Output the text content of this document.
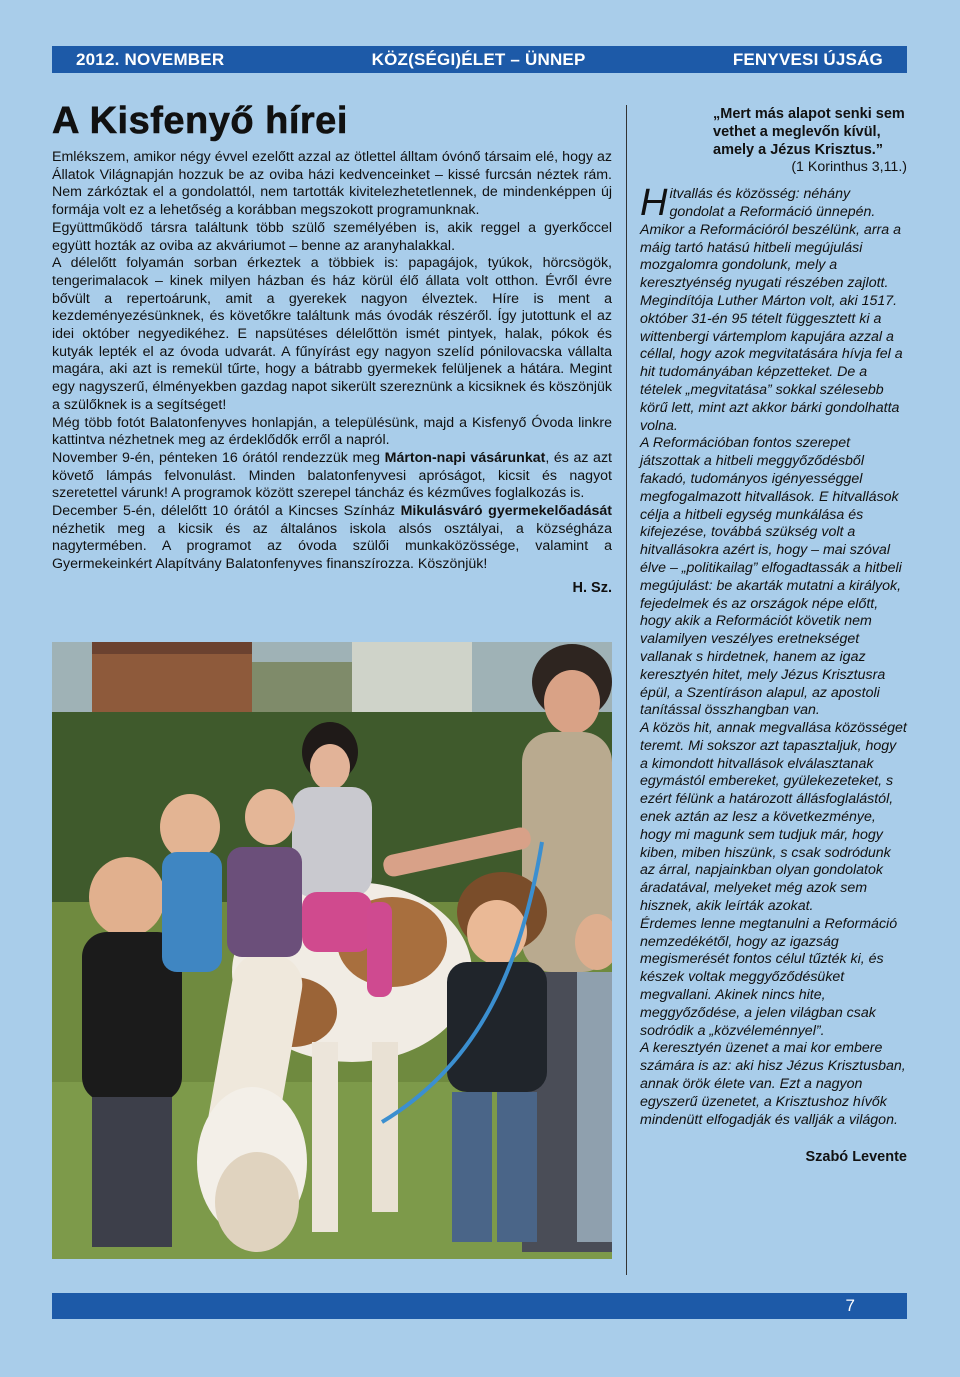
2012. NOVEMBER	KÖZ(SÉGI)ÉLET – ÜNNEP	FENYVESI ÚJSÁG
A Kisfenyő hírei

Emlékszem, amikor négy évvel ezelőtt azzal az ötlettel álltam óvónő társaim elé, hogy az Állatok Világnapján hozzuk be az oviba házi kedvenceinket – kissé furcsán néztek rám. Nem zárkóztak el a gondolattól, nem tartották kivitelezhetetlennek, de mindenképpen új formája volt ez a lehetőség a korábban megszokott programunknak.

Együttműködő társra találtunk több szülő személyében is, akik reggel a gyerkőccel együtt hozták az oviba az akváriumot – benne az aranyhalakkal.

A délelőtt folyamán sorban érkeztek a többiek is: papagájok, tyúkok, hörcsögök, tengerimalacok – kinek milyen házban és ház körül élő állata volt otthon. Évről évre bővült a repertoárunk, amit a gyerekek nagyon élveztek. Híre is ment a kezdeményezésünknek, és követőkre találtunk más óvodák részéről. Így jutottunk el az idei október negyedikéhez. E napsütéses délelőttön ismét pintyek, halak, pókok és kutyák lepték el az óvoda udvarát. A fűnyírást egy nagyon szelíd pónilovacska vállalta magára, aki azt is remekül tűrte, hogy a bátrabb gyermekek felüljenek a hátára. Megint egy nagyszerű, élményekben gazdag napot sikerült szereznünk a kicsiknek és köszönjük a szülőknek is a segítséget!

Még több fotót Balatonfenyves honlapján, a településünk, majd a Kisfenyő Óvoda linkre kattintva nézhetnek meg az érdeklődők erről a napról.

November 9-én, pénteken 16 órától rendezzük meg Márton-napi vásárunkat, és az azt követő lámpás felvonulást. Minden balatonfenyvesi apróságot, kicsit és nagyot szeretettel várunk! A programok között szerepel táncház és kézműves foglalkozás is.

December 5-én, délelőtt 10 órától a Kincses Színház Mikulásváró gyermekelőadását nézhetik meg a kicsik és az általános iskola alsós osztályai, a községháza nagytermében. A programot az óvoda szülői munkaközössége, valamint a Gyermekeinkért Alapítvány Balatonfenyves finanszírozza. Köszönjük!

H. Sz.
„Mert más alapot senki sem vethet a meglevőn kívül, amely a Jézus Krisztus.”
(1 Korinthus 3,11.)

Hitvallás és közösség: néhány gondolat a Reformáció ünnepén. Amikor a Reformációról beszélünk, arra a máig tartó hatású hitbeli megújulási mozgalomra gondolunk, mely a keresztyénség nyugati részében zajlott. Megindítója Luther Márton volt, aki 1517. október 31-én 95 tételt függesztett ki a wittenbergi vártemplom kapujára azzal a céllal, hogy azok megvitatására hívja fel a hit tudományában képzetteket. De a tételek „megvitatása” sokkal szélesebb körű lett, mint azt akkor bárki gondolhatta volna.

A Reformációban fontos szerepet játszottak a hitbeli meggyőződésből fakadó, tudományos igényességgel megfogalmazott hitvallások. E hitvallások célja a hitbeli egység munkálása és kifejezése, továbbá szükség volt a hitvallásokra azért is, hogy – mai szóval élve – „politikailag” elfogadtassák a hitbeli megújulást: be akarták mutatni a királyok, fejedelmek és az országok népe előtt, hogy akik a Reformációt követik nem valamilyen veszélyes eretnekséget vallanak s hirdetnek, hanem az igaz keresztyén hitet, mely Jézus Krisztusra épül, a Szentíráson alapul, az apostoli tanítással összhangban van.

A közös hit, annak megvallása közösséget teremt. Mi sokszor azt tapasztaljuk, hogy a kimondott hitvallások elválasztanak egymástól embereket, gyülekezeteket, s ezért félünk a határozott állásfoglalástól, enek aztán az lesz a következménye, hogy mi magunk sem tudjuk már, hogy kiben, miben hiszünk, s csak sodródunk az árral, napjainkban olyan gondolatok áradatával, melyeket még azok sem hisznek, akik leírták azokat.

Érdemes lenne megtanulni a Reformáció nemzedékétől, hogy az igazság megismerését fontos célul tűzték ki, és készek voltak meggyőződésüket megvallani. Akinek nincs hite, meggyőződése, a jelen világban csak sodródik a „közvéleménnyel”.

A keresztyén üzenet a mai kor embere számára is az: aki hisz Jézus Krisztusban, annak örök élete van. Ezt a nagyon egyszerű üzenetet, a Krisztushoz hívők mindenütt elfogadják és vallják a világon.

Szabó Levente
7
